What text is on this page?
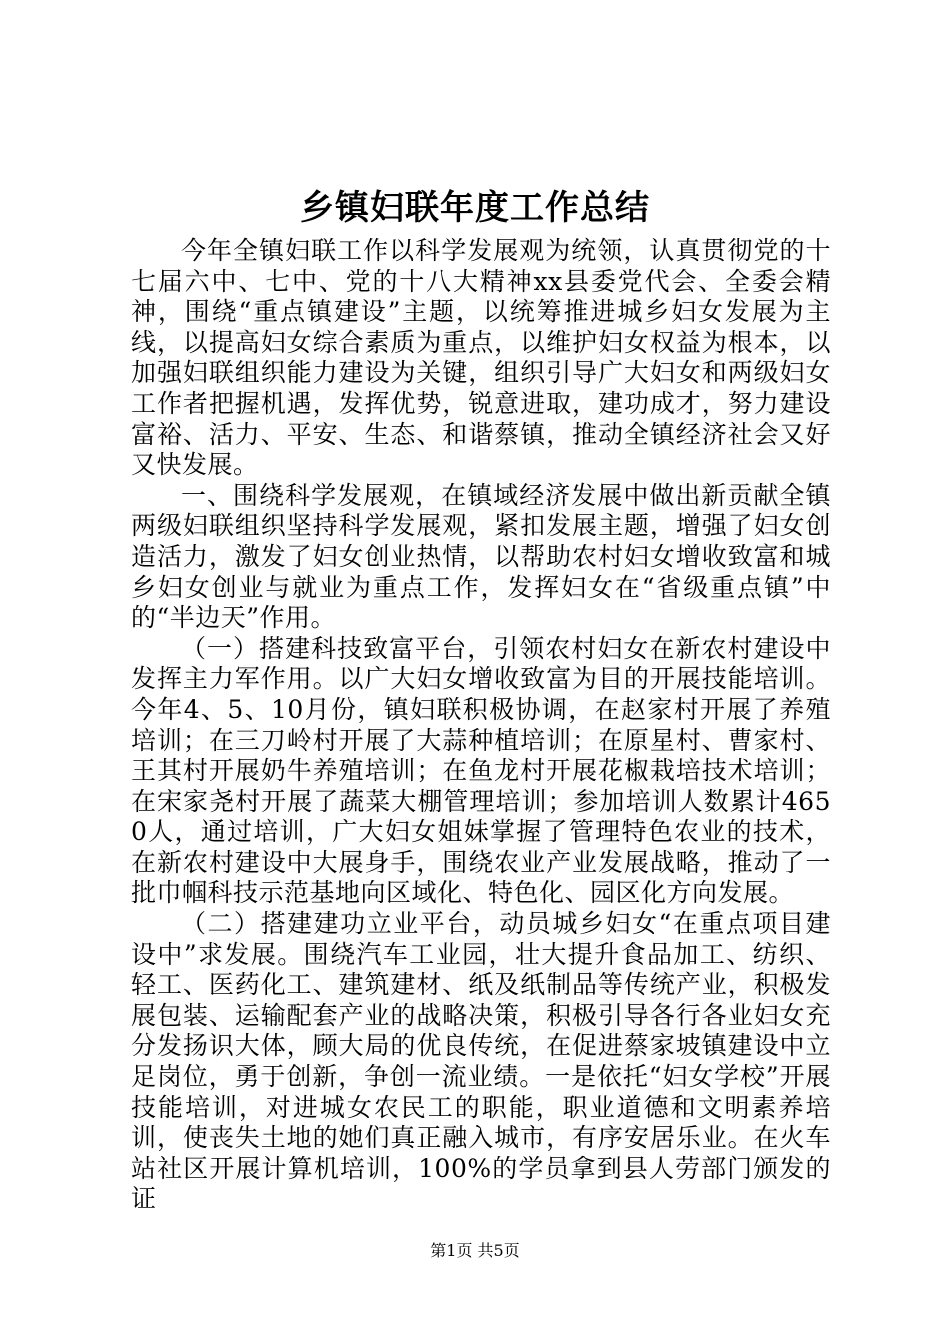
乡镇妇联年度工作总结

今年全镇妇联工作以科学发展观为统领，认真贯彻党的十七届六中、七中、党的十八大精神xx县委党代会、全委会精神，围绕“重点镇建设”主题，以统筹推进城乡妇女发展为主线，以提高妇女综合素质为重点，以维护妇女权益为根本，以加强妇联组织能力建设为关键，组织引导广大妇女和两级妇女工作者把握机遇，发挥优势，锐意进取，建功成才，努力建设富裕、活力、平安、生态、和谐蔡镇，推动全镇经济社会又好又快发展。

一、围绕科学发展观，在镇域经济发展中做出新贡献全镇两级妇联组织坚持科学发展观，紧扣发展主题，增强了妇女创造活力，激发了妇女创业热情，以帮助农村妇女增收致富和城乡妇女创业与就业为重点工作，发挥妇女在“省级重点镇”中的“半边天”作用。

（一）搭建科技致富平台，引领农村妇女在新农村建设中发挥主力军作用。以广大妇女增收致富为目的开展技能培训。今年4、5、10月份，镇妇联积极协调，在赵家村开展了养殖培训；在三刀岭村开展了大蒜种植培训；在原星村、曹家村、王其村开展奶牛养殖培训；在鱼龙村开展花椒栽培技术培训；在宋家尧村开展了蔬菜大棚管理培训；参加培训人数累计4650人，通过培训，广大妇女姐妹掌握了管理特色农业的技术，在新农村建设中大展身手，围绕农业产业发展战略，推动了一批巾帼科技示范基地向区域化、特色化、园区化方向发展。

（二）搭建建功立业平台，动员城乡妇女“在重点项目建设中”求发展。围绕汽车工业园，壮大提升食品加工、纺织、轻工、医药化工、建筑建材、纸及纸制品等传统产业，积极发展包装、运输配套产业的战略决策，积极引导各行各业妇女充分发扬识大体，顾大局的优良传统，在促进蔡家坡镇建设中立足岗位，勇于创新，争创一流业绩。一是依托“妇女学校”开展技能培训，对进城女农民工的职能，职业道德和文明素养培训，使丧失土地的她们真正融入城市，有序安居乐业。在火车站社区开展计算机培训，100%的学员拿到县人劳部门颁发的证

第1页 共5页
